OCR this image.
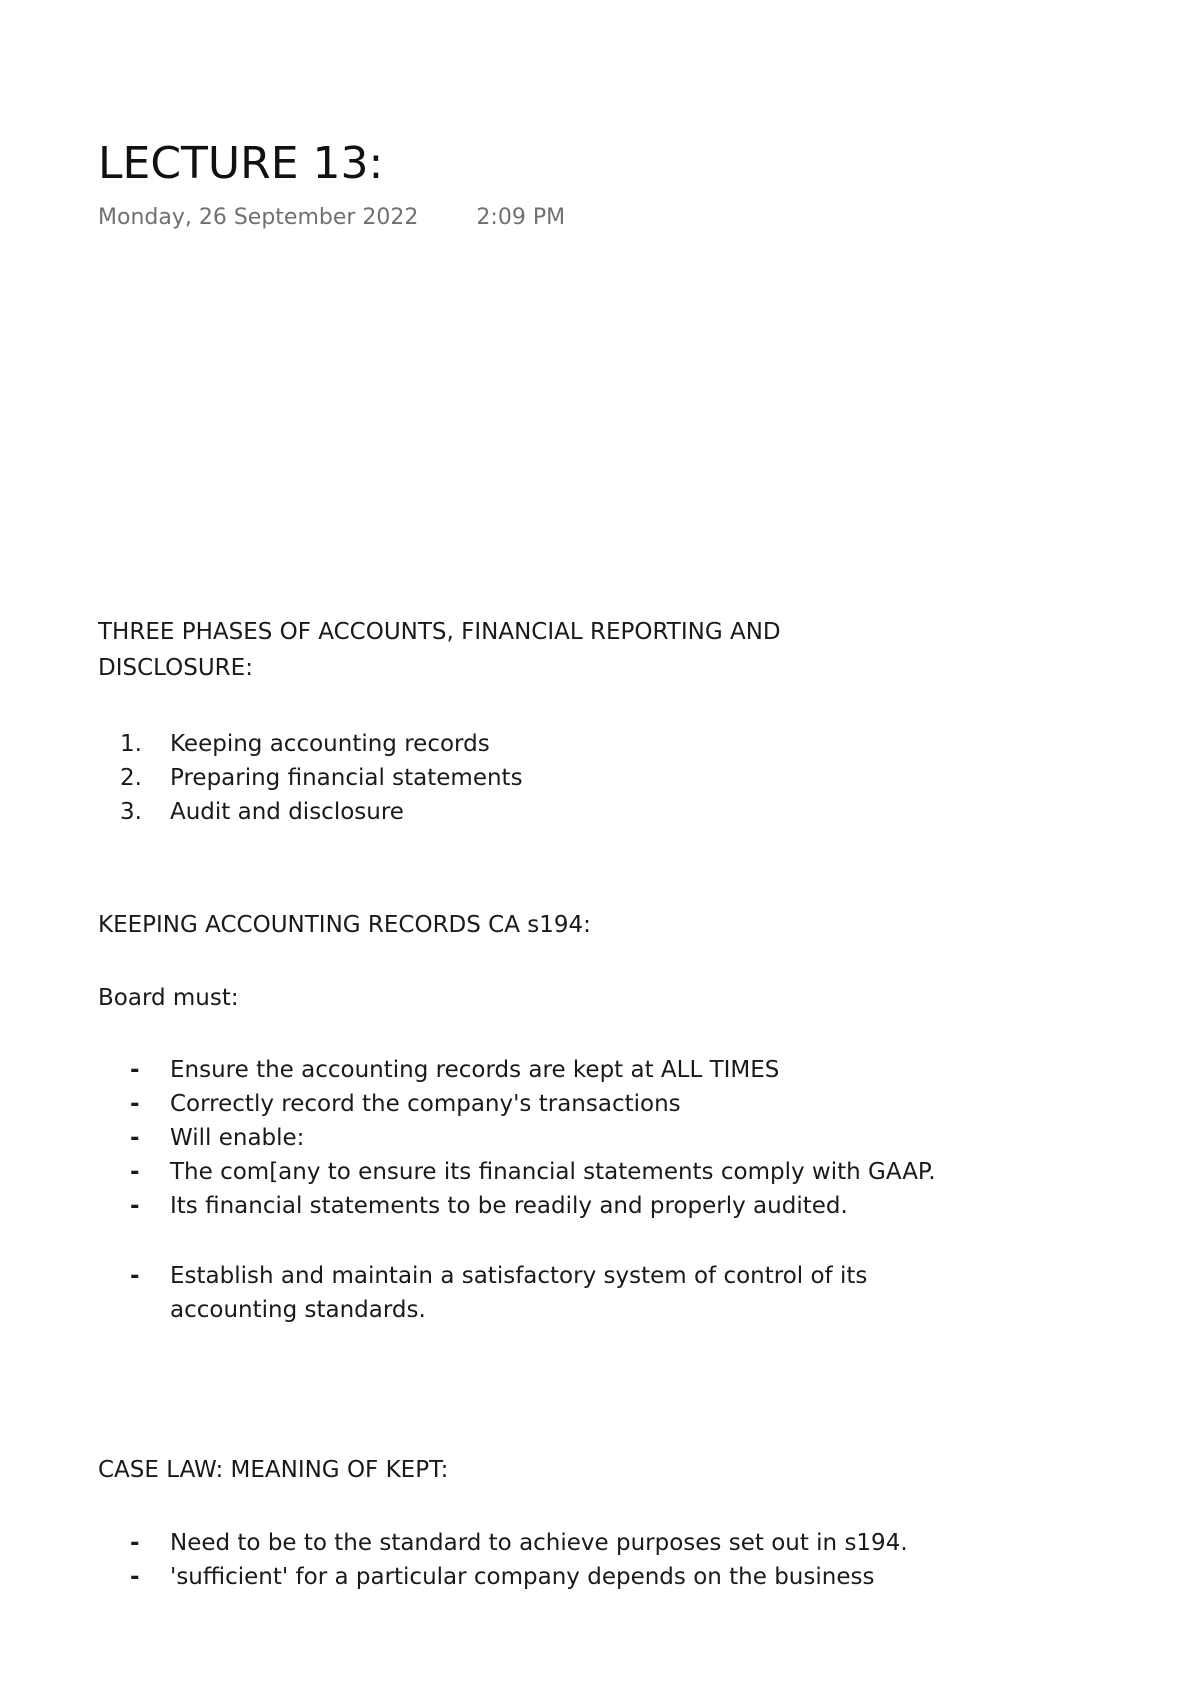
LECTURE 13:
Monday, 26 September 2022	2:09 PM
THREE PHASES OF ACCOUNTS, FINANCIAL REPORTING AND
DISCLOSURE:
1. Keeping accounting records
2. Preparing financial statements
3. Audit and disclosure
KEEPING ACCOUNTING RECORDS CA s194:
Board must:
- Ensure the accounting records are kept at ALL TIMES
- Correctly record the company's transactions
- Will enable:
- The com[any to ensure its financial statements comply with GAAP.
- Its financial statements to be readily and properly audited.
- Establish and maintain a satisfactory system of control of its accounting standards.
CASE LAW: MEANING OF KEPT:
- Need to be to the standard to achieve purposes set out in s194.
- 'sufficient' for a particular company depends on the business
